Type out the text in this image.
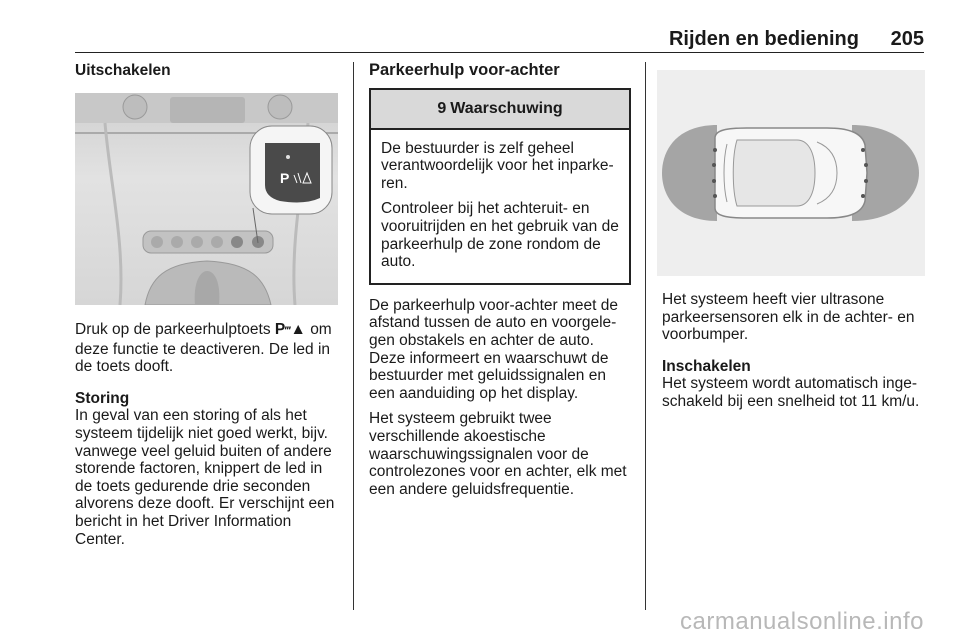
Rijden en bediening 205
Uitschakelen
P

Druk op de parkeerhulptoets P‴▲ om deze functie te deactiveren. De led in de toets dooft.

Storing
In geval van een storing of als het systeem tijdelijk niet goed werkt, bijv. vanwege veel geluid buiten of andere storende factoren, knippert de led in de toets gedurende drie seconden alvorens deze dooft. Er verschijnt een bericht in het Driver Information Center.

Parkeerhulp voor-achter
9 Waarschuwing

De bestuurder is zelf geheel verantwoordelijk voor het inparke-ren.

Controleer bij het achteruit- en vooruitrijden en het gebruik van de parkeerhulp de zone rondom de auto.

De parkeerhulp voor-achter meet de afstand tussen de auto en voorgele-gen obstakels en achter de auto. Deze informeert en waarschuwt de bestuurder met geluidssignalen en een aanduiding op het display.

Het systeem gebruikt twee verschillende akoestische waarschuwingssignalen voor de controlezones voor en achter, elk met een andere geluidsfrequentie.

Het systeem heeft vier ultrasone parkeersensoren elk in de achter- en voorbumper.

Inschakelen
Het systeem wordt automatisch inge-schakeld bij een snelheid tot 11 km/u.

carmanualsonline.info
